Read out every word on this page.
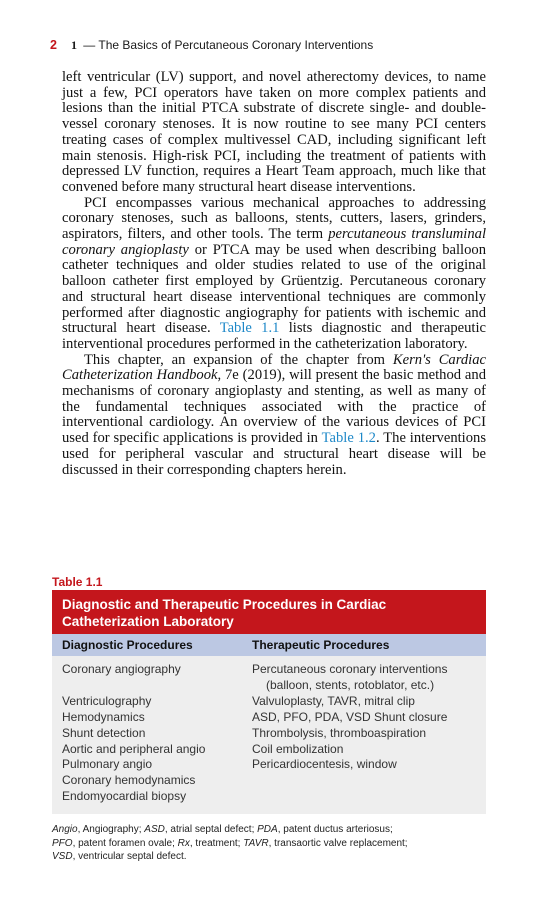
2 1 — The Basics of Percutaneous Coronary Interventions

left ventricular (LV) support, and novel atherectomy devices, to name just a few, PCI operators have taken on more complex patients and lesions than the initial PTCA substrate of discrete single- and double-vessel coronary stenoses. It is now routine to see many PCI centers treating cases of complex multivessel CAD, including significant left main stenosis. High-risk PCI, including the treatment of patients with depressed LV function, requires a Heart Team approach, much like that convened before many structural heart disease interventions.

PCI encompasses various mechanical approaches to addressing coronary stenoses, such as balloons, stents, cutters, lasers, grinders, aspirators, filters, and other tools. The term percutaneous transluminal coronary angioplasty or PTCA may be used when describing balloon catheter techniques and older studies related to use of the original balloon catheter first employed by Grüentzig. Percutaneous coronary and structural heart disease interventional techniques are commonly performed after diagnostic angiography for patients with ischemic and structural heart disease. Table 1.1 lists diagnostic and therapeutic interventional procedures performed in the catheterization laboratory.

This chapter, an expansion of the chapter from Kern's Cardiac Catheterization Handbook, 7e (2019), will present the basic method and mechanisms of coronary angioplasty and stenting, as well as many of the fundamental techniques associated with the practice of interventional cardiology. An overview of the various devices of PCI used for specific applications is provided in Table 1.2. The interventions used for peripheral vascular and structural heart disease will be discussed in their corresponding chapters herein.

Table 1.1
Diagnostic and Therapeutic Procedures in Cardiac Catheterization Laboratory
Diagnostic Procedures	Therapeutic Procedures
Coronary angiography
Ventriculography
Hemodynamics
Shunt detection
Aortic and peripheral angio
Pulmonary angio
Coronary hemodynamics
Endomyocardial biopsy
Percutaneous coronary interventions
(balloon, stents, rotoblator, etc.)
Valvuloplasty, TAVR, mitral clip
ASD, PFO, PDA, VSD Shunt closure
Thrombolysis, thromboaspiration
Coil embolization
Pericardiocentesis, window
Angio, Angiography; ASD, atrial septal defect; PDA, patent ductus arteriosus;
PFO, patent foramen ovale; Rx, treatment; TAVR, transaortic valve replacement;
VSD, ventricular septal defect.
